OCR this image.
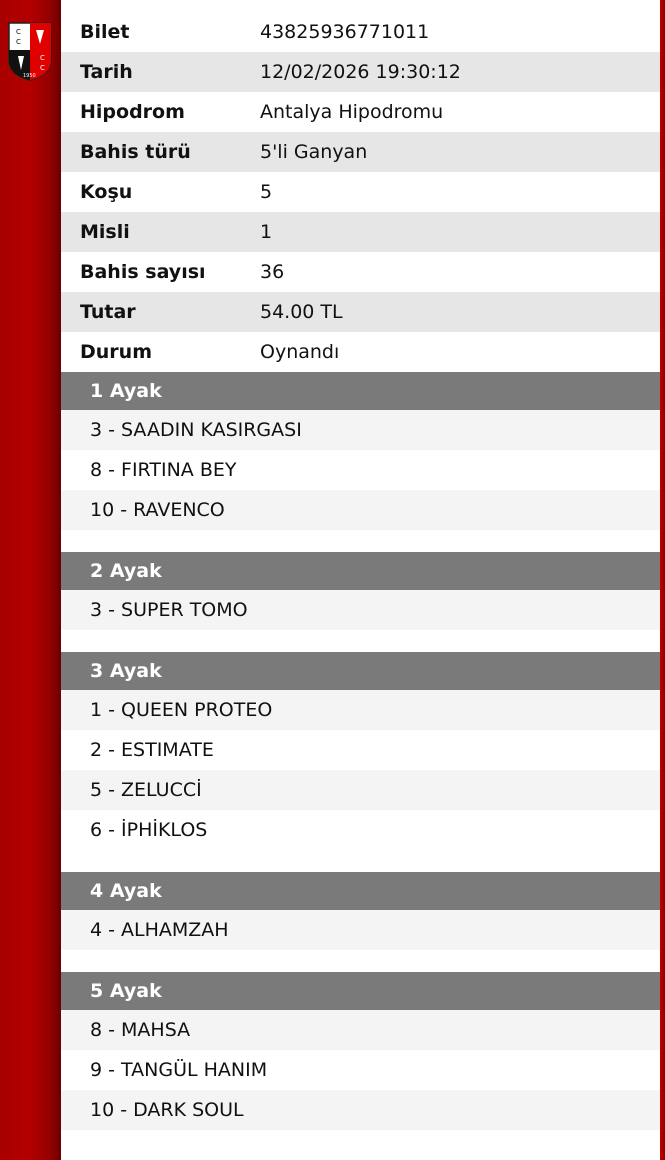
C
C
C
C
1950
Bilet	43825936771011
Tarih	12/02/2026 19:30:12
Hipodrom	Antalya Hipodromu
Bahis türü	5'li Ganyan
Koşu	5
Misli	1
Bahis sayısı	36
Tutar	54.00 TL
Durum	Oynandı
1 Ayak
3 - SAADIN KASIRGASI
8 - FIRTINA BEY
10 - RAVENCO
2 Ayak
3 - SUPER TOMO
3 Ayak
1 - QUEEN PROTEO
2 - ESTIMATE
5 - ZELUCCİ
6 - İPHİKLOS
4 Ayak
4 - ALHAMZAH
5 Ayak
8 - MAHSA
9 - TANGÜL HANIM
10 - DARK SOUL
